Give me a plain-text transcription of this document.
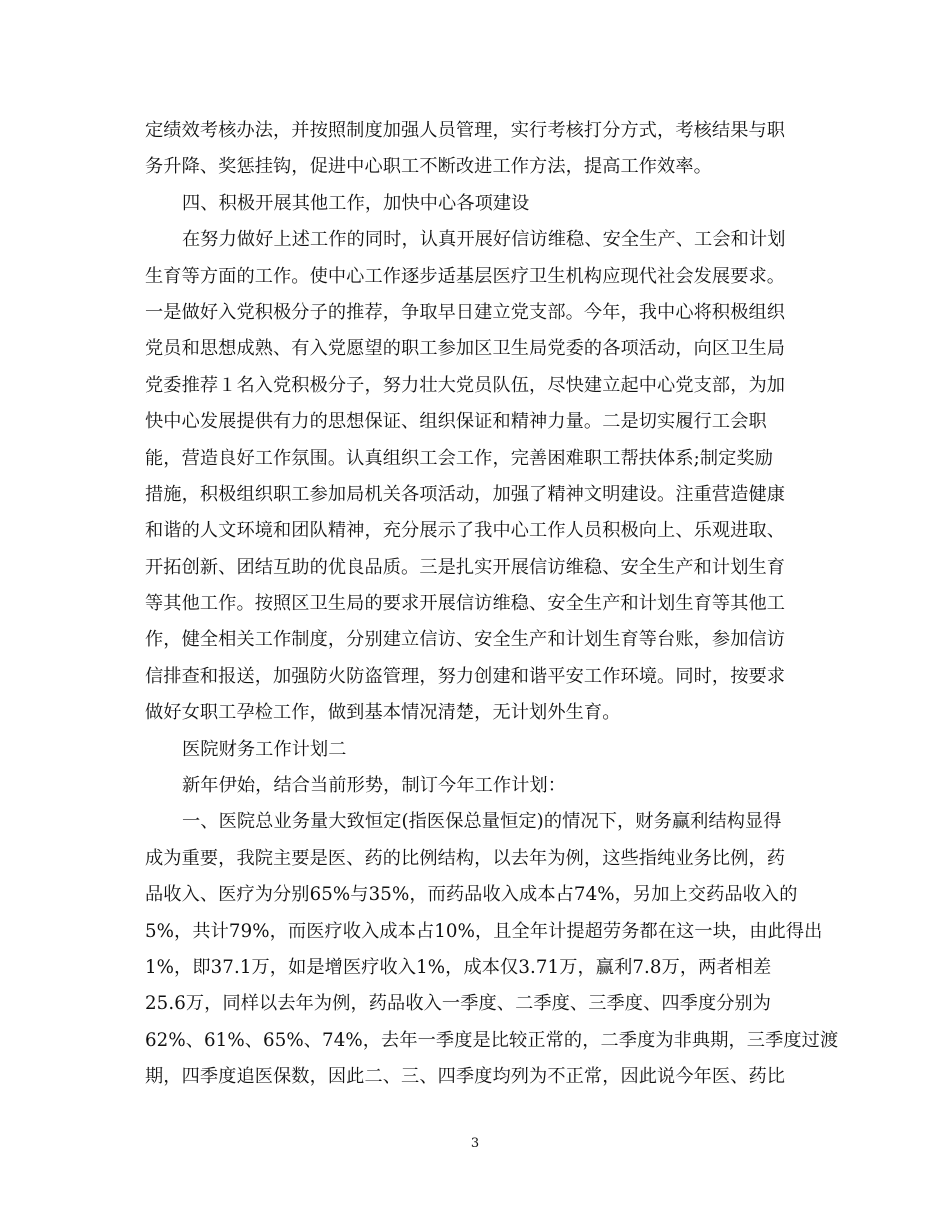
定绩效考核办法，并按照制度加强人员管理，实行考核打分方式，考核结果与职
务升降、奖惩挂钩，促进中心职工不断改进工作方法，提高工作效率。
四、积极开展其他工作，加快中心各项建设
在努力做好上述工作的同时，认真开展好信访维稳、安全生产、工会和计划
生育等方面的工作。使中心工作逐步适基层医疗卫生机构应现代社会发展要求。
一是做好入党积极分子的推荐，争取早日建立党支部。今年，我中心将积极组织
党员和思想成熟、有入党愿望的职工参加区卫生局党委的各项活动，向区卫生局
党委推荐１名入党积极分子，努力壮大党员队伍，尽快建立起中心党支部，为加
快中心发展提供有力的思想保证、组织保证和精神力量。二是切实履行工会职
能，营造良好工作氛围。认真组织工会工作，完善困难职工帮扶体系;制定奖励
措施，积极组织职工参加局机关各项活动，加强了精神文明建设。注重营造健康
和谐的人文环境和团队精神，充分展示了我中心工作人员积极向上、乐观进取、
开拓创新、团结互助的优良品质。三是扎实开展信访维稳、安全生产和计划生育
等其他工作。按照区卫生局的要求开展信访维稳、安全生产和计划生育等其他工
作，健全相关工作制度，分别建立信访、安全生产和计划生育等台账，参加信访
信排查和报送，加强防火防盗管理，努力创建和谐平安工作环境。同时，按要求
做好女职工孕检工作，做到基本情况清楚，无计划外生育。
医院财务工作计划二
新年伊始，结合当前形势，制订今年工作计划：
一、医院总业务量大致恒定(指医保总量恒定)的情况下，财务赢利结构显得
成为重要，我院主要是医、药的比例结构，以去年为例，这些指纯业务比例，药
品收入、医疗为分别65%与35%，而药品收入成本占74%，另加上交药品收入的
5%，共计79%，而医疗收入成本占10%，且全年计提超劳务都在这一块，由此得出
1%，即37.1万，如是增医疗收入1%，成本仅3.71万，赢利7.8万，两者相差
25.6万，同样以去年为例，药品收入一季度、二季度、三季度、四季度分别为
62%、61%、65%、74%，去年一季度是比较正常的，二季度为非典期，三季度过渡
期，四季度追医保数，因此二、三、四季度均列为不正常，因此说今年医、药比
3
